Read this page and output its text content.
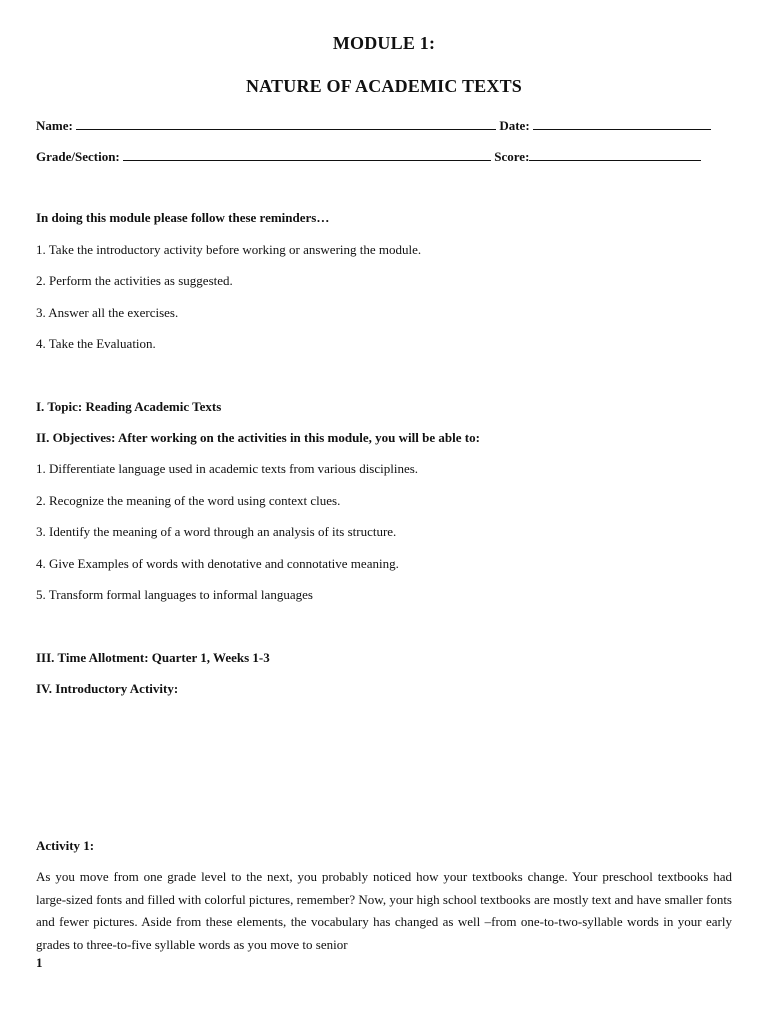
MODULE 1:
NATURE OF ACADEMIC TEXTS
Name:	Date:
Grade/Section:	Score:
In doing this module please follow these reminders…
1. Take the introductory activity before working or answering the module.
2. Perform the activities as suggested.
3. Answer all the exercises.
4. Take the Evaluation.
I. Topic: Reading Academic Texts
II. Objectives: After working on the activities in this module, you will be able to:
1. Differentiate language used in academic texts from various disciplines.
2. Recognize the meaning of the word using context clues.
3. Identify the meaning of a word through an analysis of its structure.
4. Give Examples of words with denotative and connotative meaning.
5. Transform formal languages to informal languages
III. Time Allotment: Quarter 1, Weeks 1-3
IV. Introductory Activity:
Activity 1:
As you move from one grade level to the next, you probably noticed how your textbooks change. Your preschool textbooks had large-sized fonts and filled with colorful pictures, remember? Now, your high school textbooks are mostly text and have smaller fonts and fewer pictures. Aside from these elements, the vocabulary has changed as well –from one-to-two-syllable words in your early grades to three-to-five syllable words as you move to senior
1
